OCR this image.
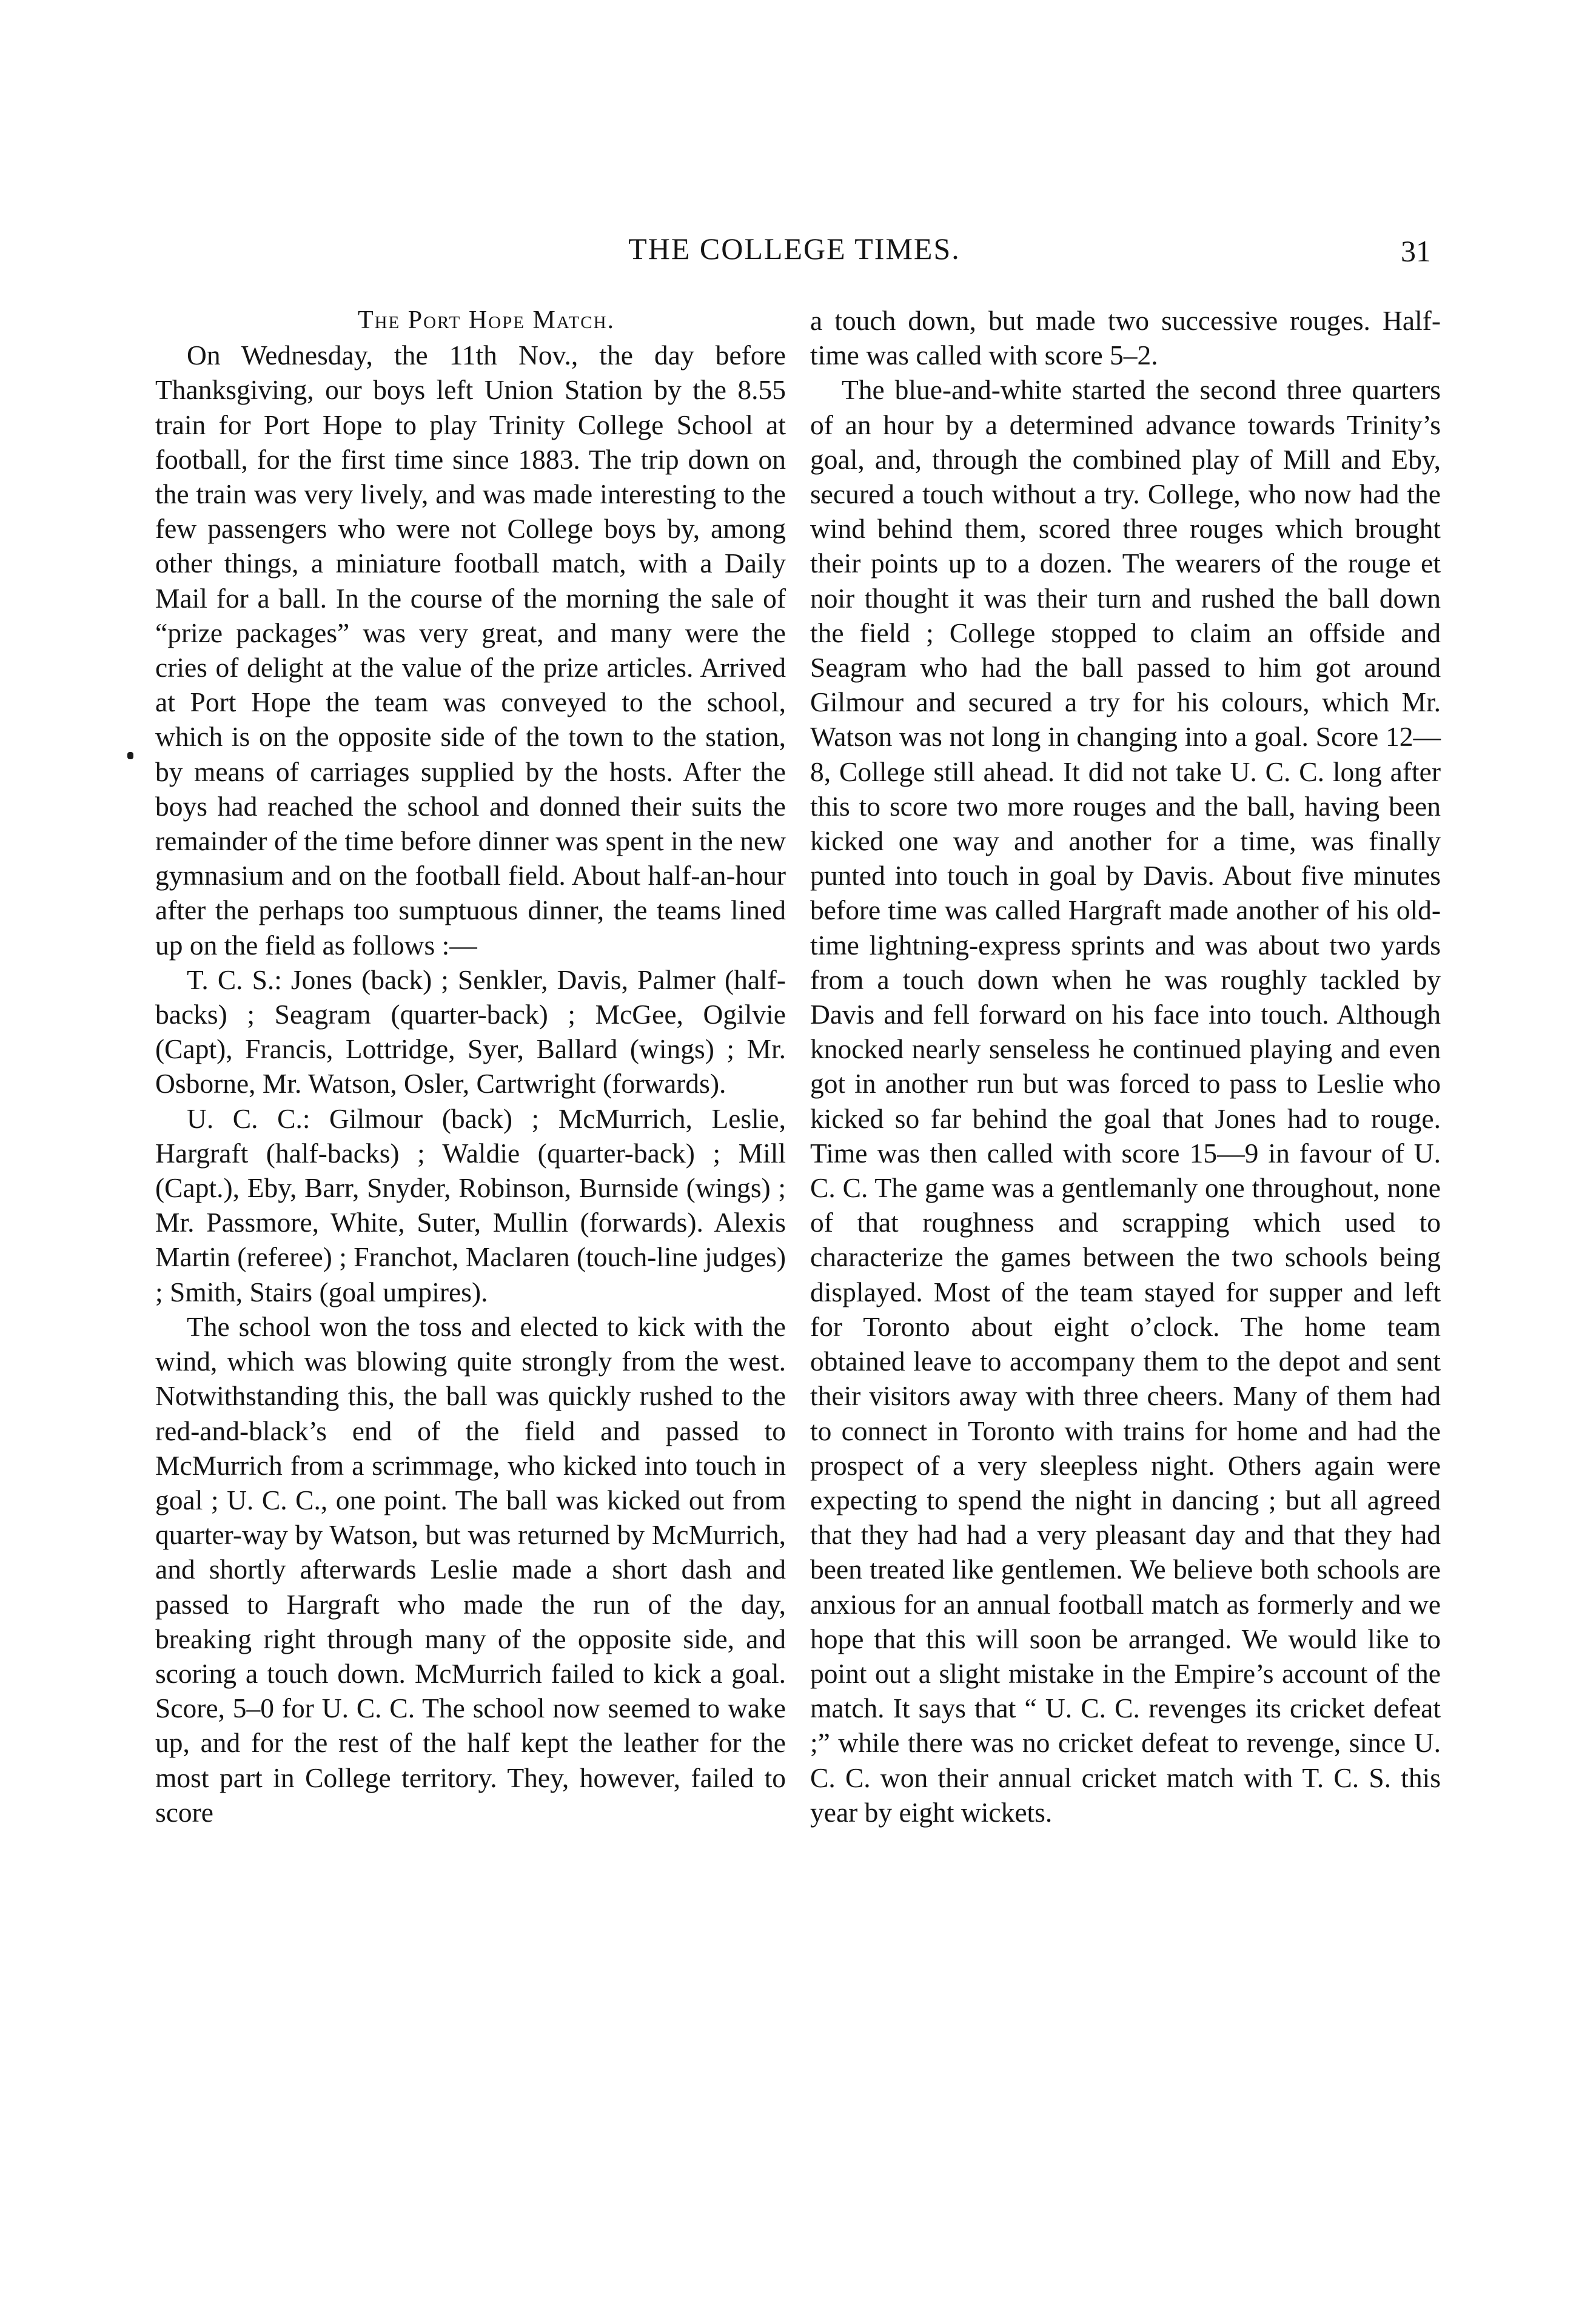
THE COLLEGE TIMES.	31

The Port Hope Match.

On Wednesday, the 11th Nov., the day before Thanksgiving, our boys left Union Station by the 8.55 train for Port Hope to play Trinity College School at football, for the first time since 1883. The trip down on the train was very lively, and was made interesting to the few passengers who were not College boys by, among other things, a miniature football match, with a Daily Mail for a ball. In the course of the morning the sale of “prize packages” was very great, and many were the cries of delight at the value of the prize articles. Arrived at Port Hope the team was conveyed to the school, which is on the opposite side of the town to the station, by means of carriages supplied by the hosts. After the boys had reached the school and donned their suits the remainder of the time before dinner was spent in the new gymnasium and on the football field. About half-an-hour after the perhaps too sumptuous dinner, the teams lined up on the field as follows :—

T. C. S.: Jones (back) ; Senkler, Davis, Palmer (half-backs) ; Seagram (quarter-back) ; McGee, Ogilvie (Capt), Francis, Lottridge, Syer, Ballard (wings) ; Mr. Osborne, Mr. Watson, Osler, Cartwright (forwards).

U. C. C.: Gilmour (back) ; McMurrich, Leslie, Hargraft (half-backs) ; Waldie (quarter-back) ; Mill (Capt.), Eby, Barr, Snyder, Robinson, Burnside (wings) ; Mr. Passmore, White, Suter, Mullin (forwards). Alexis Martin (referee) ; Franchot, Maclaren (touch-line judges) ; Smith, Stairs (goal umpires).

The school won the toss and elected to kick with the wind, which was blowing quite strongly from the west. Notwithstanding this, the ball was quickly rushed to the red-and-black’s end of the field and passed to McMurrich from a scrimmage, who kicked into touch in goal ; U. C. C., one point. The ball was kicked out from quarter-way by Watson, but was returned by McMurrich, and shortly afterwards Leslie made a short dash and passed to Hargraft who made the run of the day, breaking right through many of the opposite side, and scoring a touch down. McMurrich failed to kick a goal. Score, 5–0 for U. C. C. The school now seemed to wake up, and for the rest of the half kept the leather for the most part in College territory. They, however, failed to score

a touch down, but made two successive rouges. Half-time was called with score 5–2.

The blue-and-white started the second three quarters of an hour by a determined advance towards Trinity’s goal, and, through the combined play of Mill and Eby, secured a touch without a try. College, who now had the wind behind them, scored three rouges which brought their points up to a dozen. The wearers of the rouge et noir thought it was their turn and rushed the ball down the field ; College stopped to claim an offside and Seagram who had the ball passed to him got around Gilmour and secured a try for his colours, which Mr. Watson was not long in changing into a goal. Score 12—8, College still ahead. It did not take U. C. C. long after this to score two more rouges and the ball, having been kicked one way and another for a time, was finally punted into touch in goal by Davis. About five minutes before time was called Hargraft made another of his old-time lightning-express sprints and was about two yards from a touch down when he was roughly tackled by Davis and fell forward on his face into touch. Although knocked nearly senseless he continued playing and even got in another run but was forced to pass to Leslie who kicked so far behind the goal that Jones had to rouge. Time was then called with score 15—9 in favour of U. C. C. The game was a gentlemanly one throughout, none of that roughness and scrapping which used to characterize the games between the two schools being displayed. Most of the team stayed for supper and left for Toronto about eight o’clock. The home team obtained leave to accompany them to the depot and sent their visitors away with three cheers. Many of them had to connect in Toronto with trains for home and had the prospect of a very sleepless night. Others again were expecting to spend the night in dancing ; but all agreed that they had had a very pleasant day and that they had been treated like gentlemen. We believe both schools are anxious for an annual football match as formerly and we hope that this will soon be arranged. We would like to point out a slight mistake in the Empire’s account of the match. It says that “ U. C. C. revenges its cricket defeat ;” while there was no cricket defeat to revenge, since U. C. C. won their annual cricket match with T. C. S. this year by eight wickets.
